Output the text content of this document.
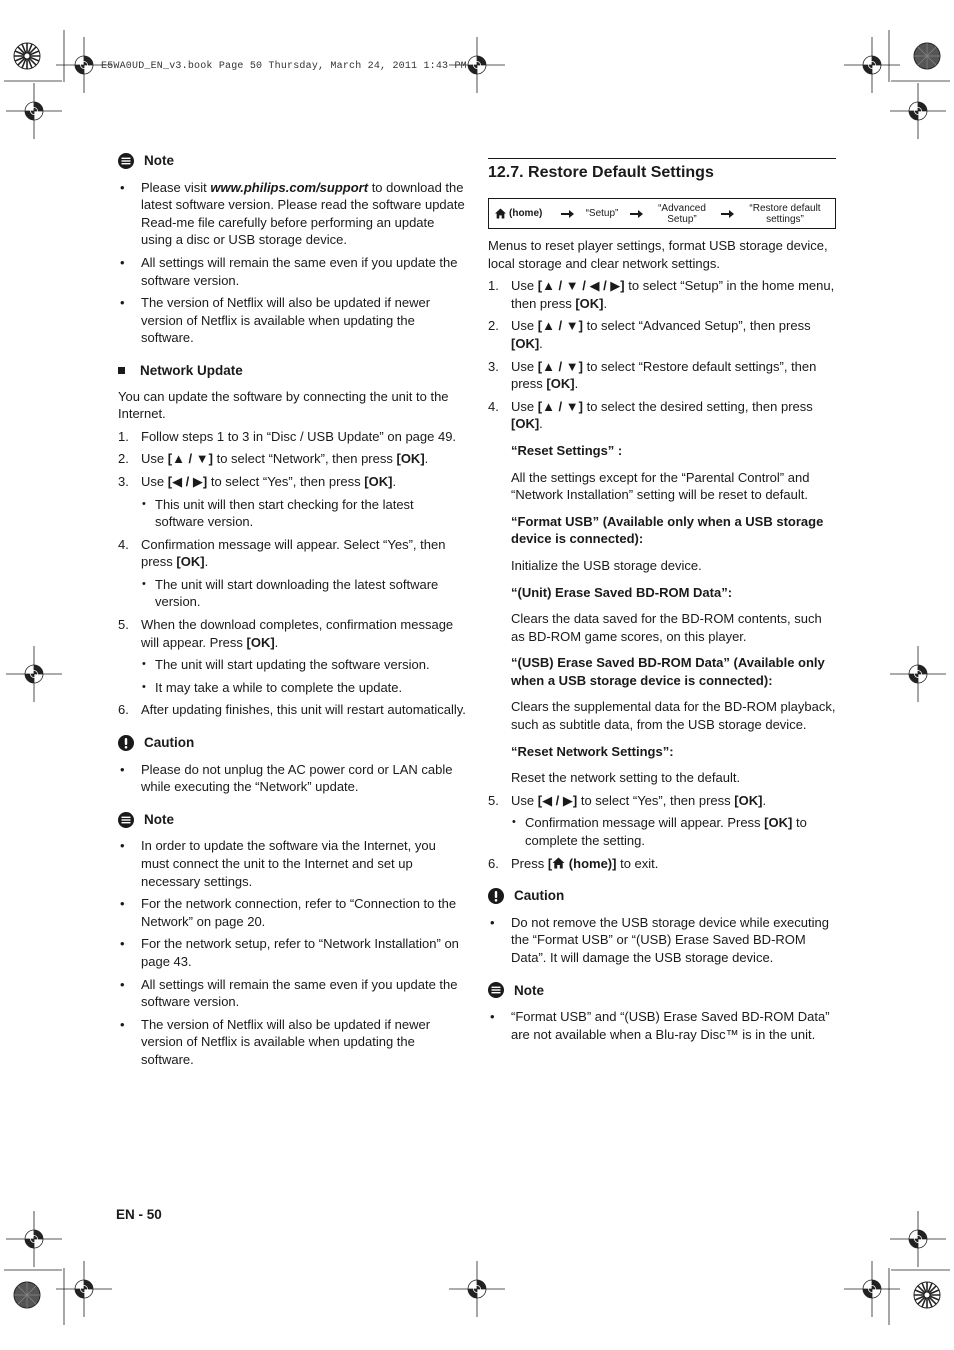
E5WA0UD_EN_v3.book Page 50 Thursday, March 24, 2011 1:43 PM
Note

• Please visit www.philips.com/support to download the latest software version. Please read the software update Read-me file carefully before performing an update using a disc or USB storage device.

• All settings will remain the same even if you update the software version.

• The version of Netflix will also be updated if newer version of Netflix is available when updating the software.

Network Update

You can update the software by connecting the unit to the Internet.

1. Follow steps 1 to 3 in “Disc / USB Update” on page 49.

2. Use [▲ / ▼] to select “Network”, then press [OK].

3. Use [◀ / ▶] to select “Yes”, then press [OK].

• This unit will then start checking for the latest software version.

4. Confirmation message will appear. Select “Yes”, then press [OK].

• The unit will start downloading the latest software version.

5. When the download completes, confirmation message will appear. Press [OK].

• The unit will start updating the software version.

• It may take a while to complete the update.

6. After updating finishes, this unit will restart automatically.

Caution

• Please do not unplug the AC power cord or LAN cable while executing the “Network” update.

Note

• In order to update the software via the Internet, you must connect the unit to the Internet and set up necessary settings.

• For the network connection, refer to “Connection to the Network” on page 20.

• For the network setup, refer to “Network Installation” on page 43.

• All settings will remain the same even if you update the software version.

• The version of Netflix will also be updated if newer version of Netflix is available when updating the software.

12.7. Restore Default Settings
(home)	“Setup”	“Advanced Setup”
“Restore default settings”

Menus to reset player settings, format USB storage device, local storage and clear network settings.

1. Use [▲ / ▼ / ◀ / ▶] to select “Setup” in the home menu, then press [OK].

2. Use [▲ / ▼] to select “Advanced Setup”, then press [OK].

3. Use [▲ / ▼] to select “Restore default settings”, then press [OK].

4. Use [▲ / ▼] to select the desired setting, then press [OK].

“Reset Settings” :

All the settings except for the “Parental Control” and “Network Installation” setting will be reset to default.

“Format USB” (Available only when a USB storage device is connected):

Initialize the USB storage device.

“(Unit) Erase Saved BD-ROM Data”:

Clears the data saved for the BD-ROM contents, such as BD-ROM game scores, on this player.

“(USB) Erase Saved BD-ROM Data” (Available only when a USB storage device is connected):

Clears the supplemental data for the BD-ROM playback, such as subtitle data, from the USB storage device.

“Reset Network Settings”:

Reset the network setting to the default.

5. Use [◀ / ▶] to select “Yes”, then press [OK].

• Confirmation message will appear. Press [OK] to complete the setting.

6. Press [ (home)] to exit.

Caution

• Do not remove the USB storage device while executing the “Format USB” or “(USB) Erase Saved BD-ROM Data”. It will damage the USB storage device.

Note

• “Format USB” and “(USB) Erase Saved BD-ROM Data” are not available when a Blu-ray Disc™ is in the unit.

EN - 50
